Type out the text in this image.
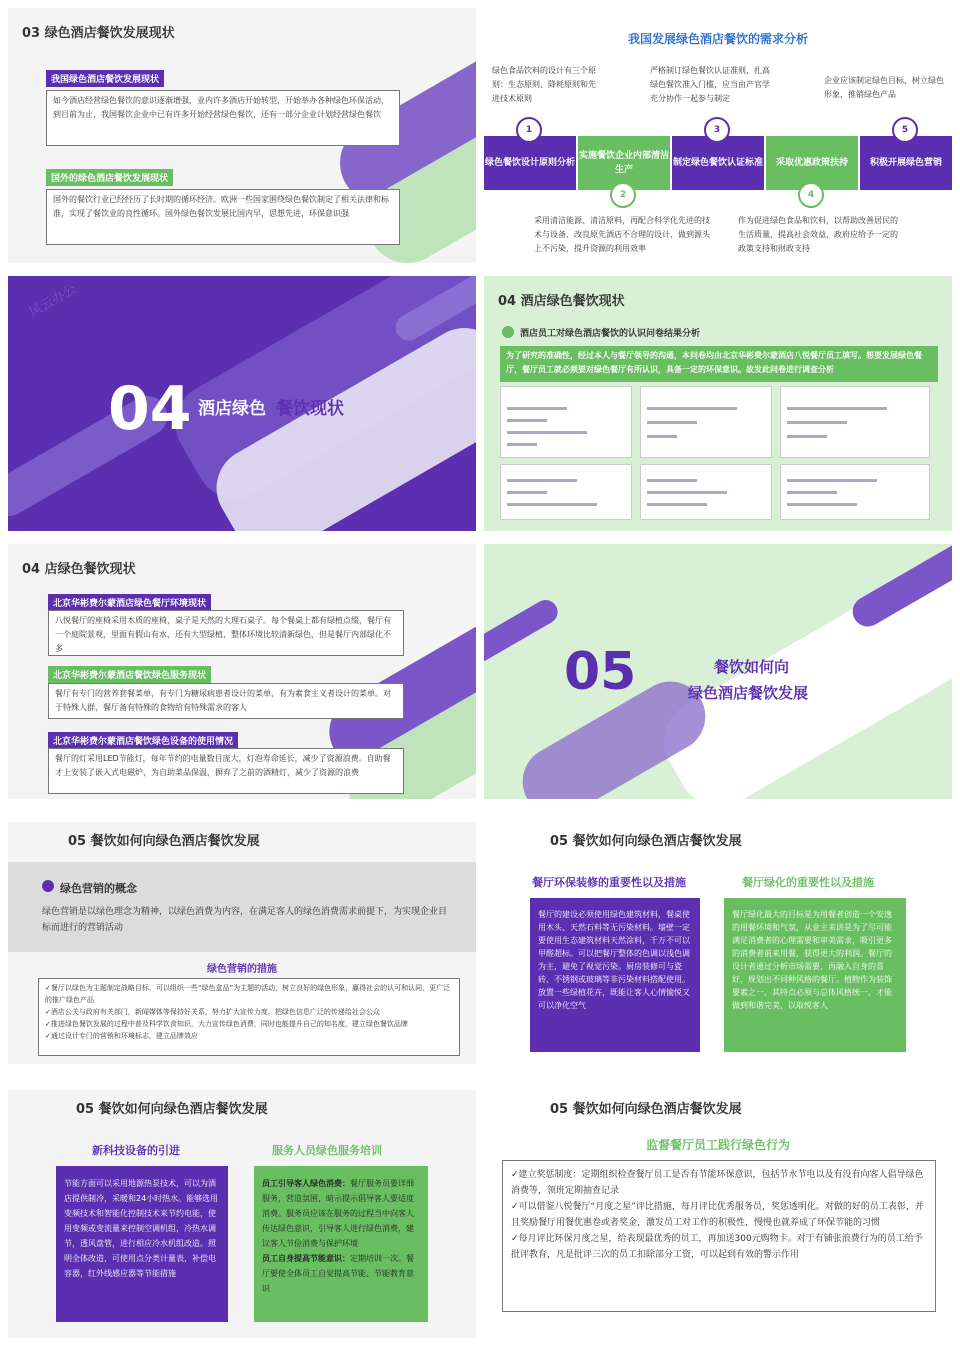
03 绿色酒店餐饮发展现状
我国绿色酒店餐饮发展现状
如今酒店经营绿色餐饮的意识逐渐增强，业内许多酒店开始转型，开始举办各种绿色环保活动，到目前为止，我国餐饮企业中已有许多开始经营绿色餐饮，还有一部分企业计划经营绿色餐饮
国外的绿色酒店餐饮发展现状
国外的餐饮行业已经经历了长时期的循环经济。欧洲一些国家围绕绿色餐饮制定了相关法律和标准，实现了餐饮业的良性循环。国外绿色餐饮发展比国内早，思想先进，环保意识强
我国发展绿色酒店餐饮的需求分析
绿色食品饮料的设计有三个原则：生态原则、降耗原则和先进技术原则
严格制订绿色餐饮认证准则，扎高绿色餐饮准入门槛，应当由产官学充分协作一起参与制定
企业应该制定绿色目标，树立绿色形象，推销绿色产品
绿色餐饮设计原则分析
实施餐饮企业内部清洁生产
制定绿色餐饮认证标准	采取优惠政策扶持	积极开展绿色营销
1
2
3
4
5
采用清洁能源、清洁原料，再配合科学化先进的技术与设备，改良原先酒店不合理的设计，做到源头上不污染，提升资源的利用效率
作为促进绿色食品和饮料，以帮助改善居民的生活质量，提高社会效益，政府应给予一定的政策支持和财政支持
风云办公
04 酒店绿色 餐饮现状
04 酒店绿色餐饮现状
酒店员工对绿色酒店餐饮的认识问卷结果分析
为了研究的准确性，经过本人与餐厅领导的沟通，本问卷均由北京华彬费尔蒙酒店八悦餐厅员工填写。想要发展绿色餐厅，餐厅员工就必须要对绿色餐厅有所认识，具备一定的环保意识。故发此问卷进行调查分析
04 店绿色餐饮现状
北京华彬费尔蒙酒店绿色餐厅环境现状
八悦餐厅的座椅采用木质的座椅，桌子是天然的大理石桌子。每个餐桌上都有绿植点缀，餐厅有一个庭院景观，里面有假山有水，还有大型绿植，整体环境比较清新绿色，但是餐厅内部绿化不多
北京华彬费尔蒙酒店餐饮绿色服务现状
餐厅有专门的营养套餐菜单，有专门为糖尿病患者设计的菜单，有为素食主义者设计的菜单。对于特殊人群，餐厅备有特殊的食物给有特殊需求的客人
北京华彬费尔蒙酒店餐饮绿色设备的使用情况
餐厅的灯采用LED节能灯，每年节约的电量数目庞大，灯泡寿命延长，减少了资源浪费。自助餐才上安装了嵌入式电磁炉，为自助菜品保温，摒弃了之前的酒精灯，减少了资源的浪费
05	餐饮如何向
绿色酒店餐饮发展
05 餐饮如何向绿色酒店餐饮发展
绿色营销的概念
绿色营销是以绿色理念为精神，以绿色消费为内容，在满足客人的绿色消费需求前提下，为实现企业目标而进行的营销活动
绿色营销的措施
✓餐厅以绿色为主题制定战略目标，可以组织一些“绿色盒品”为主题的活动，树立良好的绿色形象，赢得社会的认可和认同，更广泛的推广绿色产品
✓酒店公关与政府有关部门，新闻媒体等保持好关系，努力扩大宣传力度，把绿色信息广泛的传递给社会公众
✓推进绿色餐饮发展的过程中普及科学饮食知识，大力宣传绿色消费，同时也能提升自己的知名度，建立绿色餐饮品牌
✓通过设计专门的营销和环境标志，建立品牌效应
05 餐饮如何向绿色酒店餐饮发展
餐厅环保装修的重要性以及措施	餐厅绿化的重要性以及措施
餐厅的建设必须使用绿色建筑材料，餐桌使用木头、天然石料等无污染材料。墙壁一定要使用生态建筑材料天然涂料，千万不可以甲醛超标。可以把餐厅整体的色调以浅色调为主，避免了视觉污染。厨房装修可与瓷砖、不锈钢或玻璃等非污染材料搭配使用。放置一些绿植花卉，既能让客人心情愉悦又可以净化空气
餐厅绿化最大的目标是为用餐者创造一个安逸的用餐环境和气氛，从业主来讲是为了尽可能满足消费者的心理需要和审美需求，吸引更多的消费者前来用餐，获得更大的利润。餐厅的设计者通过分析市场需要，再融入自身的喜好，规划出不同种风格的餐厅。植物作为装饰要素之一，其特点必须与总体风格统一，才能做到和谐完美，以取悦客人
05 餐饮如何向绿色酒店餐饮发展
新科技设备的引进	服务人员绿色服务培训
节能方面可以采用地源热泵技术，可以为酒店提供制冷，采暖和24小时热水。能够选用变频技术和智能化控制技术来节约电能，使用变频或变流量来控制空调机组，冷热水调节，透风盘管，进行相应冷水机组改造。照明全体改造，可使用点分类计量表，补偿电容器，红外线感应器等节能措施
员工引导客人绿色消费：餐厅服务员要详细服务，营造氛围，暗示提示倡导客人要适度消费。服务员应该在服务的过程当中向客人传达绿色意识，引导客人进行绿色消费，建议客人节俭消费与保护环境
员工自身提高节能意识：定期培训一次。餐厅要使全体员工自觉提高节能、节能教育意识
05 餐饮如何向绿色酒店餐饮发展
监督餐厅员工践行绿色行为
✓建立奖惩制度：定期组织检查餐厅员工是否有节能环保意识，包括节水节电以及有没有向客人倡导绿色消费等，领班定期抽查记录
✓可以借鉴八悦餐厅“月度之星”评比措施，每月评比优秀服务员，奖惩透明化。对做的好的员工表彰，并且奖励餐厅用餐优惠卷或者奖金，激发员工对工作的积极性，慢慢也就养成了环保节能的习惯
✓每月评比环保月度之星，给表现最优秀的员工，再加送300元购物卡。对于有铺张浪费行为的员工给予批评教育，凡是批评三次的员工扣除部分工资，可以起到有效的警示作用
